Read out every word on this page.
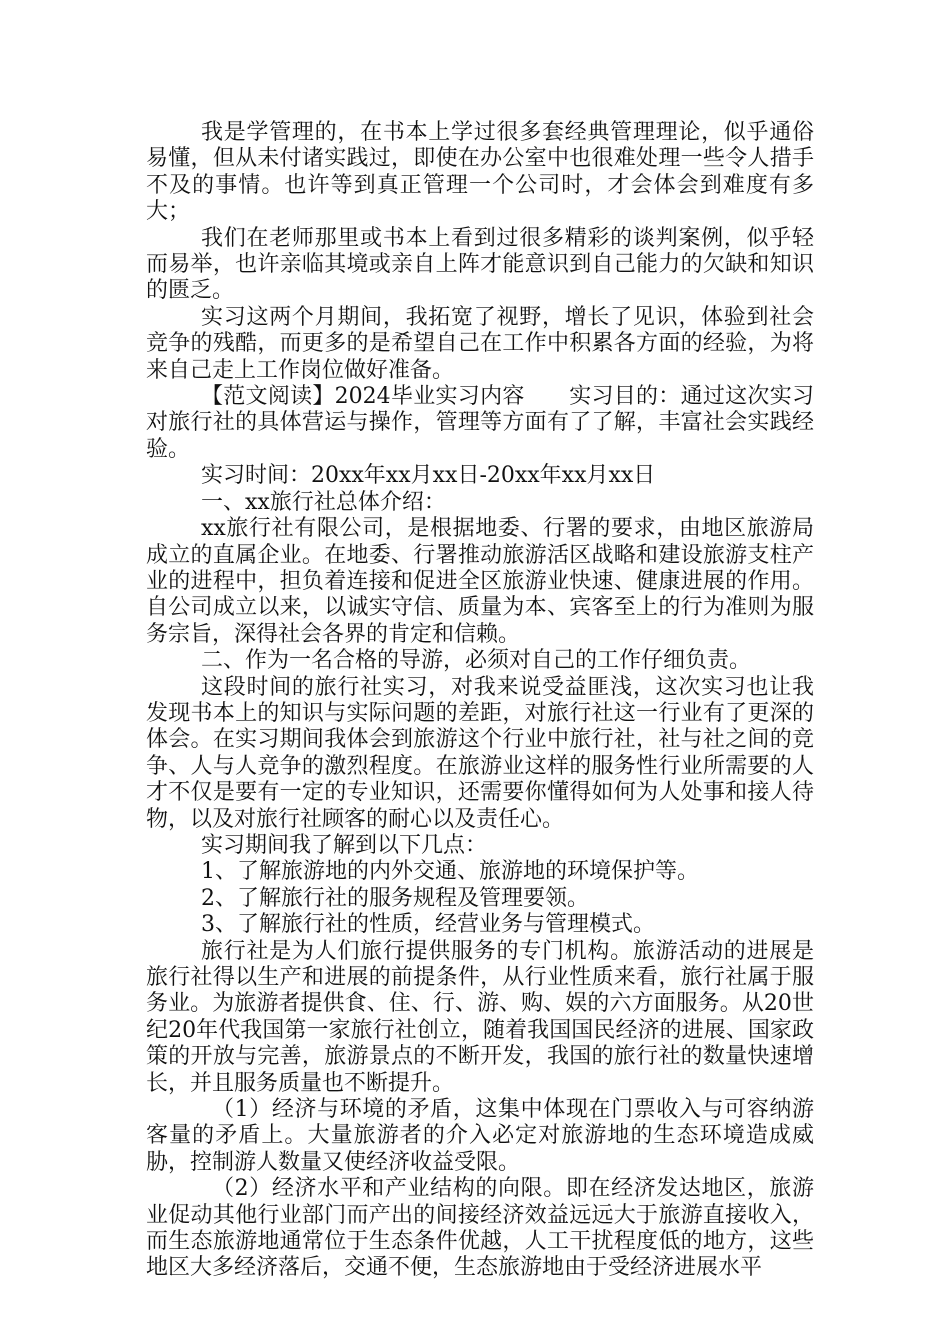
我是学管理的，在书本上学过很多套经典管理理论，似乎通俗易懂，但从未付诸实践过，即使在办公室中也很难处理一些令人措手不及的事情。也许等到真正管理一个公司时，才会体会到难度有多大；

我们在老师那里或书本上看到过很多精彩的谈判案例，似乎轻而易举，也许亲临其境或亲自上阵才能意识到自己能力的欠缺和知识的匮乏。

实习这两个月期间，我拓宽了视野，增长了见识，体验到社会竞争的残酷，而更多的是希望自己在工作中积累各方面的经验，为将来自己走上工作岗位做好准备。

【范文阅读】2024毕业实习内容　　实习目的：通过这次实习对旅行社的具体营运与操作，管理等方面有了了解，丰富社会实践经验。

实习时间：20xx年xx月xx日-20xx年xx月xx日

一、xx旅行社总体介绍：

xx旅行社有限公司，是根据地委、行署的要求，由地区旅游局成立的直属企业。在地委、行署推动旅游活区战略和建设旅游支柱产业的进程中，担负着连接和促进全区旅游业快速、健康进展的作用。自公司成立以来，以诚实守信、质量为本、宾客至上的行为准则为服务宗旨，深得社会各界的肯定和信赖。

二、作为一名合格的导游，必须对自己的工作仔细负责。

这段时间的旅行社实习，对我来说受益匪浅，这次实习也让我发现书本上的知识与实际问题的差距，对旅行社这一行业有了更深的体会。在实习期间我体会到旅游这个行业中旅行社，社与社之间的竞争、人与人竞争的激烈程度。在旅游业这样的服务性行业所需要的人才不仅是要有一定的专业知识，还需要你懂得如何为人处事和接人待物，以及对旅行社顾客的耐心以及责任心。

实习期间我了解到以下几点：

1、了解旅游地的内外交通、旅游地的环境保护等。

2、了解旅行社的服务规程及管理要领。

3、了解旅行社的性质，经营业务与管理模式。

旅行社是为人们旅行提供服务的专门机构。旅游活动的进展是旅行社得以生产和进展的前提条件，从行业性质来看，旅行社属于服务业。为旅游者提供食、住、行、游、购、娱的六方面服务。从20世纪20年代我国第一家旅行社创立，随着我国国民经济的进展、国家政策的开放与完善，旅游景点的不断开发，我国的旅行社的数量快速增长，并且服务质量也不断提升。

（1）经济与环境的矛盾，这集中体现在门票收入与可容纳游客量的矛盾上。大量旅游者的介入必定对旅游地的生态环境造成威胁，控制游人数量又使经济收益受限。

（2）经济水平和产业结构的向限。即在经济发达地区，旅游业促动其他行业部门而产出的间接经济效益远远大于旅游直接收入，而生态旅游地通常位于生态条件优越，人工干扰程度低的地方，这些地区大多经济落后，交通不便，生态旅游地由于受经济进展水平
